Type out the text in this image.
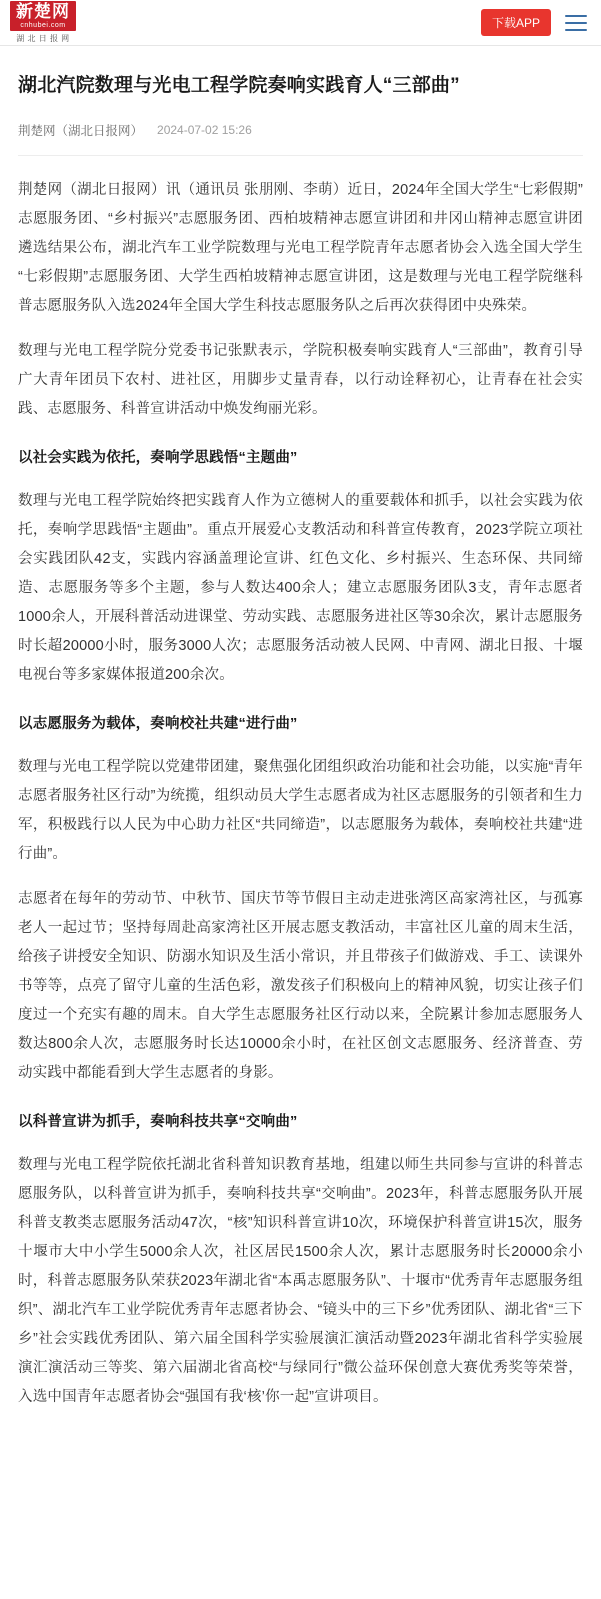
新楚网
cnhubei.com
湖 北 日 报 网
下载APP
湖北汽院数理与光电工程学院奏响实践育人“三部曲”
荆楚网（湖北日报网） 2024-07-02 15:26

荆楚网（湖北日报网）讯（通讯员 张朋刚、李萌）近日，2024年全国大学生“七彩假期”志愿服务团、“乡村振兴”志愿服务团、西柏坡精神志愿宣讲团和井冈山精神志愿宣讲团遴选结果公布，湖北汽车工业学院数理与光电工程学院青年志愿者协会入选全国大学生“七彩假期”志愿服务团、大学生西柏坡精神志愿宣讲团，这是数理与光电工程学院继科普志愿服务队入选2024年全国大学生科技志愿服务队之后再次获得团中央殊荣。

数理与光电工程学院分党委书记张默表示，学院积极奏响实践育人“三部曲”，教育引导广大青年团员下农村、进社区，用脚步丈量青春，以行动诠释初心，让青春在社会实践、志愿服务、科普宣讲活动中焕发绚丽光彩。

以社会实践为依托，奏响学思践悟“主题曲”

数理与光电工程学院始终把实践育人作为立德树人的重要载体和抓手，以社会实践为依托，奏响学思践悟“主题曲”。重点开展爱心支教活动和科普宣传教育，2023学院立项社会实践团队42支，实践内容涵盖理论宣讲、红色文化、乡村振兴、生态环保、共同缔造、志愿服务等多个主题，参与人数达400余人；建立志愿服务团队3支，青年志愿者1000余人，开展科普活动进课堂、劳动实践、志愿服务进社区等30余次，累计志愿服务时长超20000小时，服务3000人次；志愿服务活动被人民网、中青网、湖北日报、十堰电视台等多家媒体报道200余次。

以志愿服务为载体，奏响校社共建“进行曲”

数理与光电工程学院以党建带团建，聚焦强化团组织政治功能和社会功能，以实施“青年志愿者服务社区行动”为统揽，组织动员大学生志愿者成为社区志愿服务的引领者和生力军，积极践行以人民为中心助力社区“共同缔造”，以志愿服务为载体，奏响校社共建“进行曲”。

志愿者在每年的劳动节、中秋节、国庆节等节假日主动走进张湾区高家湾社区，与孤寡老人一起过节；坚持每周赴高家湾社区开展志愿支教活动，丰富社区儿童的周末生活，给孩子讲授安全知识、防溺水知识及生活小常识，并且带孩子们做游戏、手工、读课外书等等，点亮了留守儿童的生活色彩，激发孩子们积极向上的精神风貌，切实让孩子们度过一个充实有趣的周末。自大学生志愿服务社区行动以来，全院累计参加志愿服务人数达800余人次，志愿服务时长达10000余小时，在社区创文志愿服务、经济普查、劳动实践中都能看到大学生志愿者的身影。

以科普宣讲为抓手，奏响科技共享“交响曲”

数理与光电工程学院依托湖北省科普知识教育基地，组建以师生共同参与宣讲的科普志愿服务队，以科普宣讲为抓手，奏响科技共享“交响曲”。2023年，科普志愿服务队开展科普支教类志愿服务活动47次，“核”知识科普宣讲10次，环境保护科普宣讲15次，服务十堰市大中小学生5000余人次，社区居民1500余人次，累计志愿服务时长20000余小时，科普志愿服务队荣获2023年湖北省“本禹志愿服务队”、十堰市“优秀青年志愿服务组织”、湖北汽车工业学院优秀青年志愿者协会、“镜头中的三下乡”优秀团队、湖北省“三下乡”社会实践优秀团队、第六届全国科学实验展演汇演活动暨2023年湖北省科学实验展演汇演活动三等奖、第六届湖北省高校“与绿同行”微公益环保创意大赛优秀奖等荣誉，入选中国青年志愿者协会“强国有我‘核’你一起”宣讲项目。
